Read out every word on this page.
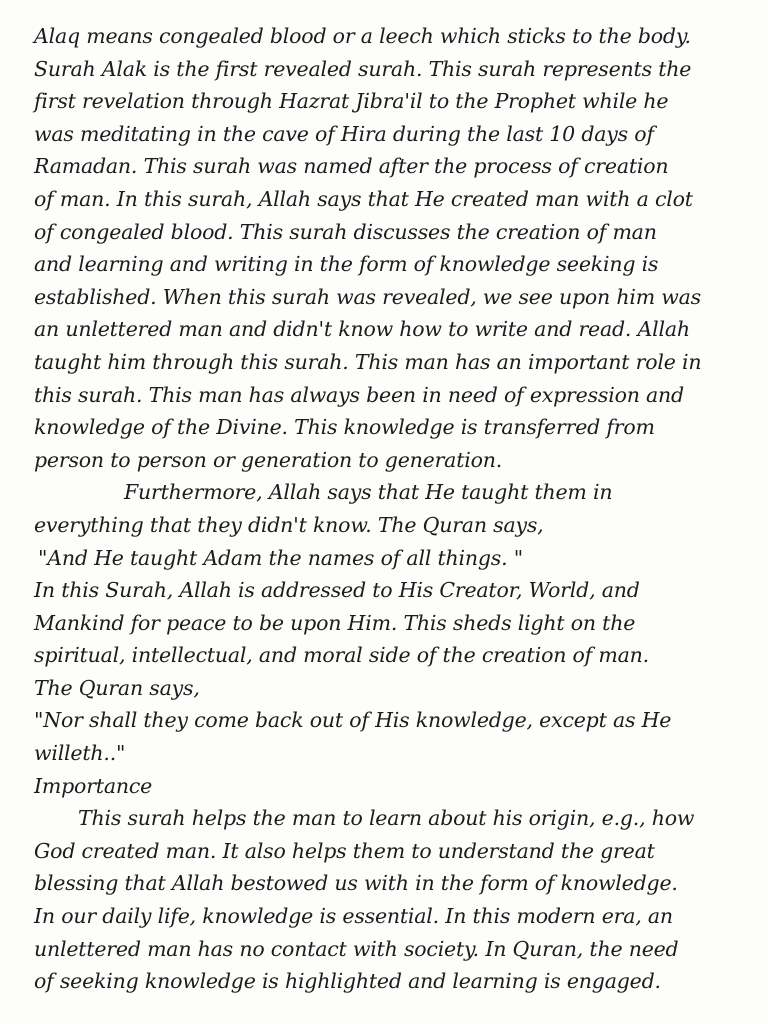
Alaq means congealed blood or a leech which sticks to the body.
Surah Alak is the first revealed surah. This surah represents the
first revelation through Hazrat Jibra'il to the Prophet while he
was meditating in the cave of Hira during the last 10 days of
Ramadan. This surah was named after the process of creation
of man. In this surah, Allah says that He created man with a clot
of congealed blood. This surah discusses the creation of man
and learning and writing in the form of knowledge seeking is
established. When this surah was revealed, we see upon him was
an unlettered man and didn't know how to write and read. Allah
taught him through this surah. This man has an important role in
this surah. This man has always been in need of expression and
knowledge of the Divine. This knowledge is transferred from
person to person or generation to generation.
Furthermore, Allah says that He taught them in
everything that they didn't know. The Quran says,
"And He taught Adam the names of all things. "
In this Surah, Allah is addressed to His Creator, World, and
Mankind for peace to be upon Him. This sheds light on the
spiritual, intellectual, and moral side of the creation of man.
The Quran says,
"Nor shall they come back out of His knowledge, except as He
willeth.."
Importance
This surah helps the man to learn about his origin, e.g., how
God created man. It also helps them to understand the great
blessing that Allah bestowed us with in the form of knowledge.
In our daily life, knowledge is essential. In this modern era, an
unlettered man has no contact with society. In Quran, the need
of seeking knowledge is highlighted and learning is engaged.
